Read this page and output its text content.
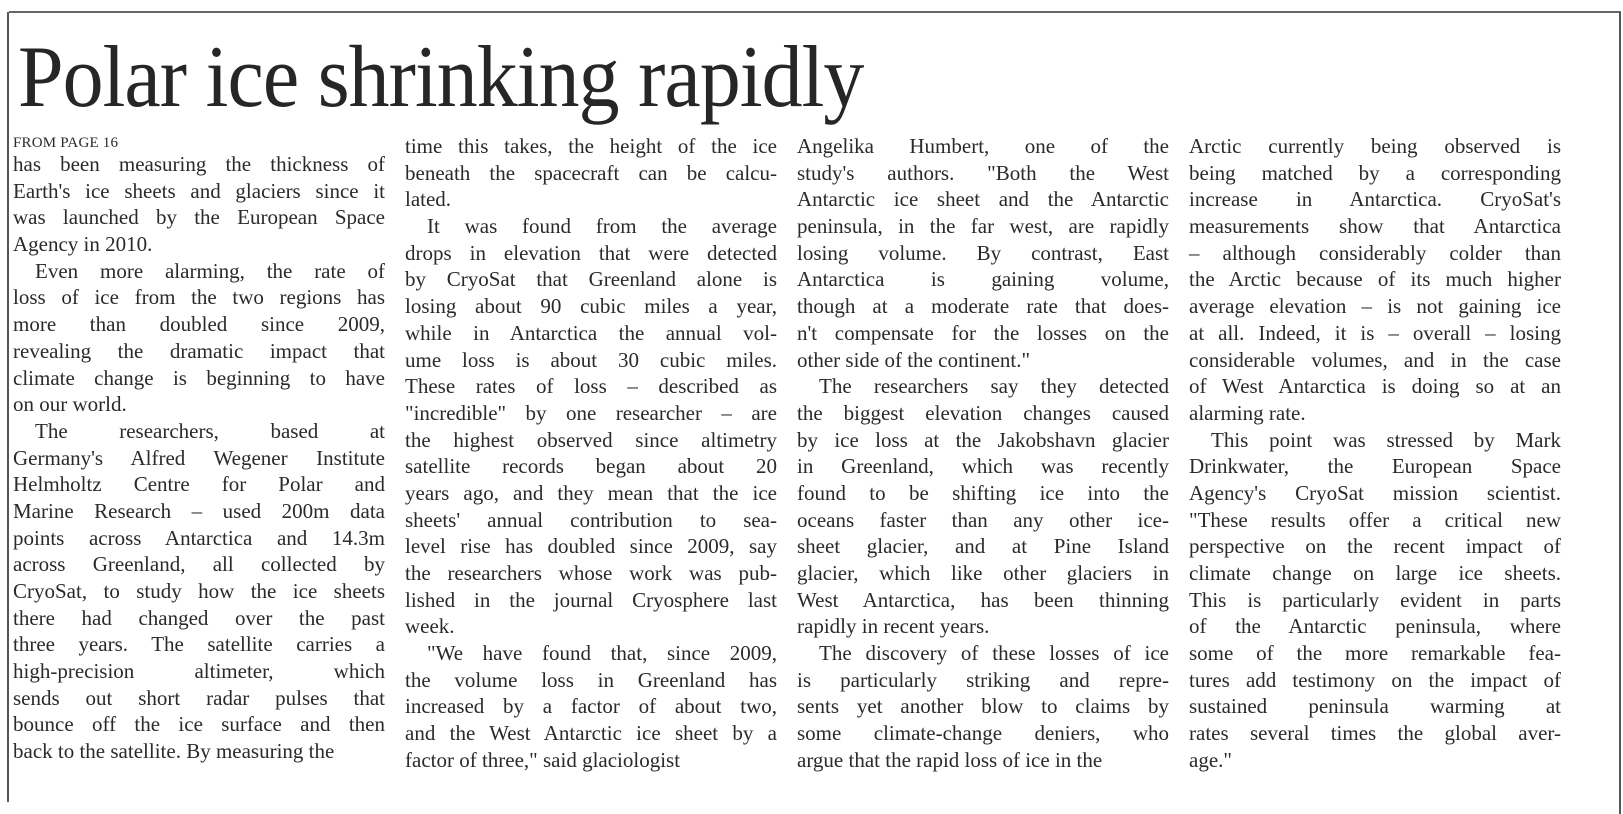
Polar ice shrinking rapidly
FROM PAGE 16
has been measuring the thickness of
Earth's ice sheets and glaciers since it
was launched by the European Space
Agency in 2010.
Even more alarming, the rate of
loss of ice from the two regions has
more than doubled since 2009,
revealing the dramatic impact that
climate change is beginning to have
on our world.
The researchers, based at
Germany's Alfred Wegener Institute
Helmholtz Centre for Polar and
Marine Research – used 200m data
points across Antarctica and 14.3m
across Greenland, all collected by
CryoSat, to study how the ice sheets
there had changed over the past
three years. The satellite carries a
high-precision altimeter, which
sends out short radar pulses that
bounce off the ice surface and then
back to the satellite. By measuring the
time this takes, the height of the ice
beneath the spacecraft can be calcu-
lated.
It was found from the average
drops in elevation that were detected
by CryoSat that Greenland alone is
losing about 90 cubic miles a year,
while in Antarctica the annual vol-
ume loss is about 30 cubic miles.
These rates of loss – described as
"incredible" by one researcher – are
the highest observed since altimetry
satellite records began about 20
years ago, and they mean that the ice
sheets' annual contribution to sea-
level rise has doubled since 2009, say
the researchers whose work was pub-
lished in the journal Cryosphere last
week.
"We have found that, since 2009,
the volume loss in Greenland has
increased by a factor of about two,
and the West Antarctic ice sheet by a
factor of three," said glaciologist
Angelika Humbert, one of the
study's authors. "Both the West
Antarctic ice sheet and the Antarctic
peninsula, in the far west, are rapidly
losing volume. By contrast, East
Antarctica is gaining volume,
though at a moderate rate that does-
n't compensate for the losses on the
other side of the continent."
The researchers say they detected
the biggest elevation changes caused
by ice loss at the Jakobshavn glacier
in Greenland, which was recently
found to be shifting ice into the
oceans faster than any other ice-
sheet glacier, and at Pine Island
glacier, which like other glaciers in
West Antarctica, has been thinning
rapidly in recent years.
The discovery of these losses of ice
is particularly striking and repre-
sents yet another blow to claims by
some climate-change deniers, who
argue that the rapid loss of ice in the
Arctic currently being observed is
being matched by a corresponding
increase in Antarctica. CryoSat's
measurements show that Antarctica
– although considerably colder than
the Arctic because of its much higher
average elevation – is not gaining ice
at all. Indeed, it is – overall – losing
considerable volumes, and in the case
of West Antarctica is doing so at an
alarming rate.
This point was stressed by Mark
Drinkwater, the European Space
Agency's CryoSat mission scientist.
"These results offer a critical new
perspective on the recent impact of
climate change on large ice sheets.
This is particularly evident in parts
of the Antarctic peninsula, where
some of the more remarkable fea-
tures add testimony on the impact of
sustained peninsula warming at
rates several times the global aver-
age."
